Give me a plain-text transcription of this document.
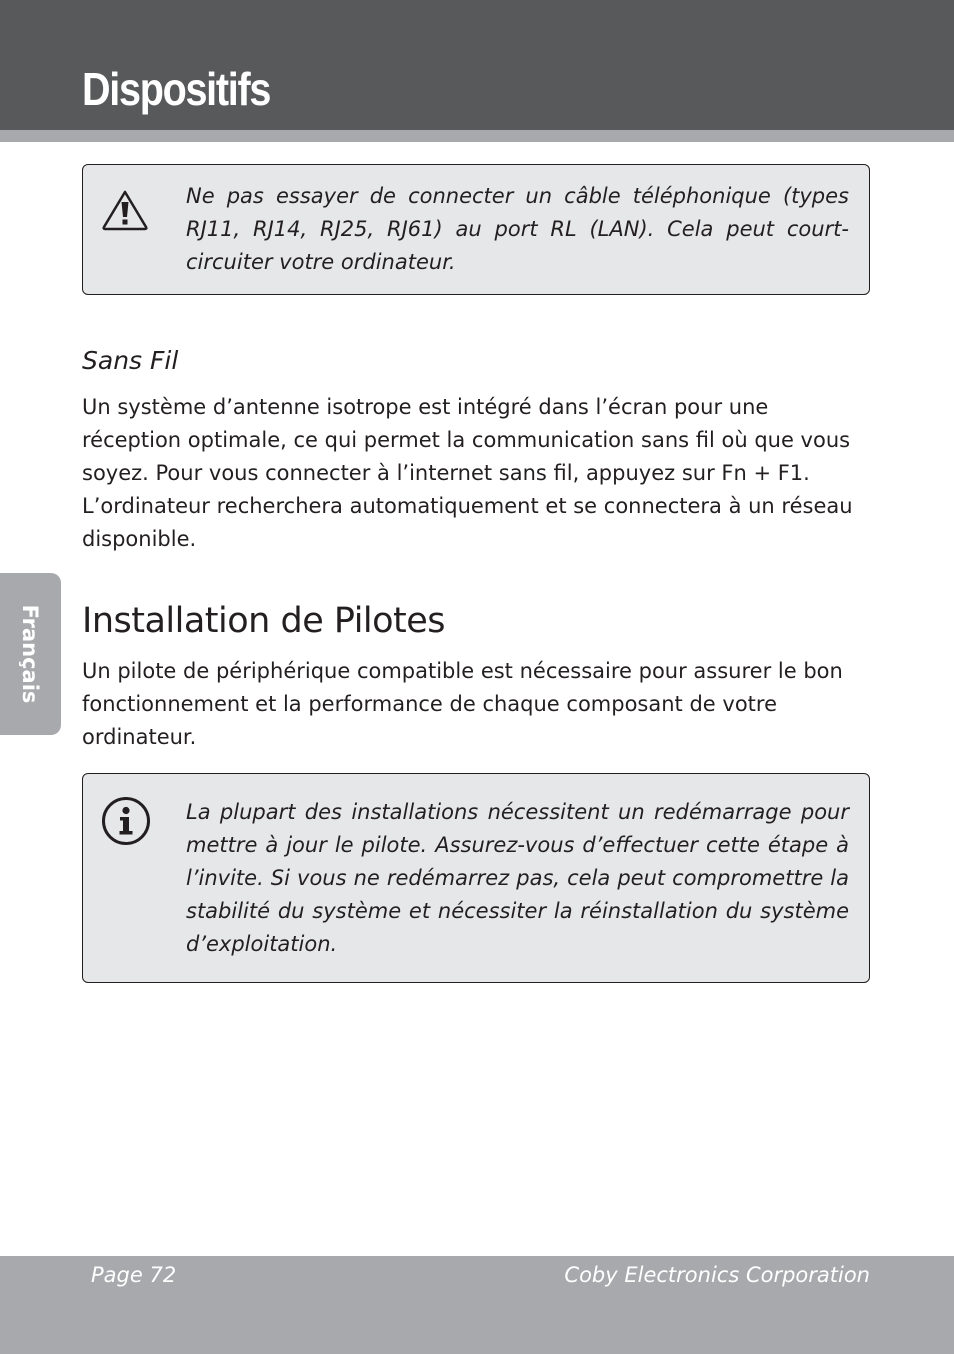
Dispositifs
Français

Ne pas essayer de connecter un câble téléphonique (types RJ11, RJ14, RJ25, RJ61) au port RL (LAN). Cela peut court-circuiter votre ordinateur.

Sans Fil

Un système d’antenne isotrope est intégré dans l’écran pour une réception optimale, ce qui permet la communication sans fil où que vous soyez. Pour vous connecter à l’internet sans fil, appuyez sur Fn + F1. L’ordinateur recherchera automatiquement et se connectera à un réseau disponible.

Installation de Pilotes

Un pilote de périphérique compatible est nécessaire pour assurer le bon fonctionnement et la performance de chaque composant de votre ordinateur.

La plupart des installations nécessitent un redémarrage pour mettre à jour le pilote. Assurez-vous d’effectuer cette étape à l’invite. Si vous ne redémarrez pas, cela peut compromettre la stabilité du système et nécessiter la réinstallation du système d’exploitation.

Page 72	Coby Electronics Corporation
